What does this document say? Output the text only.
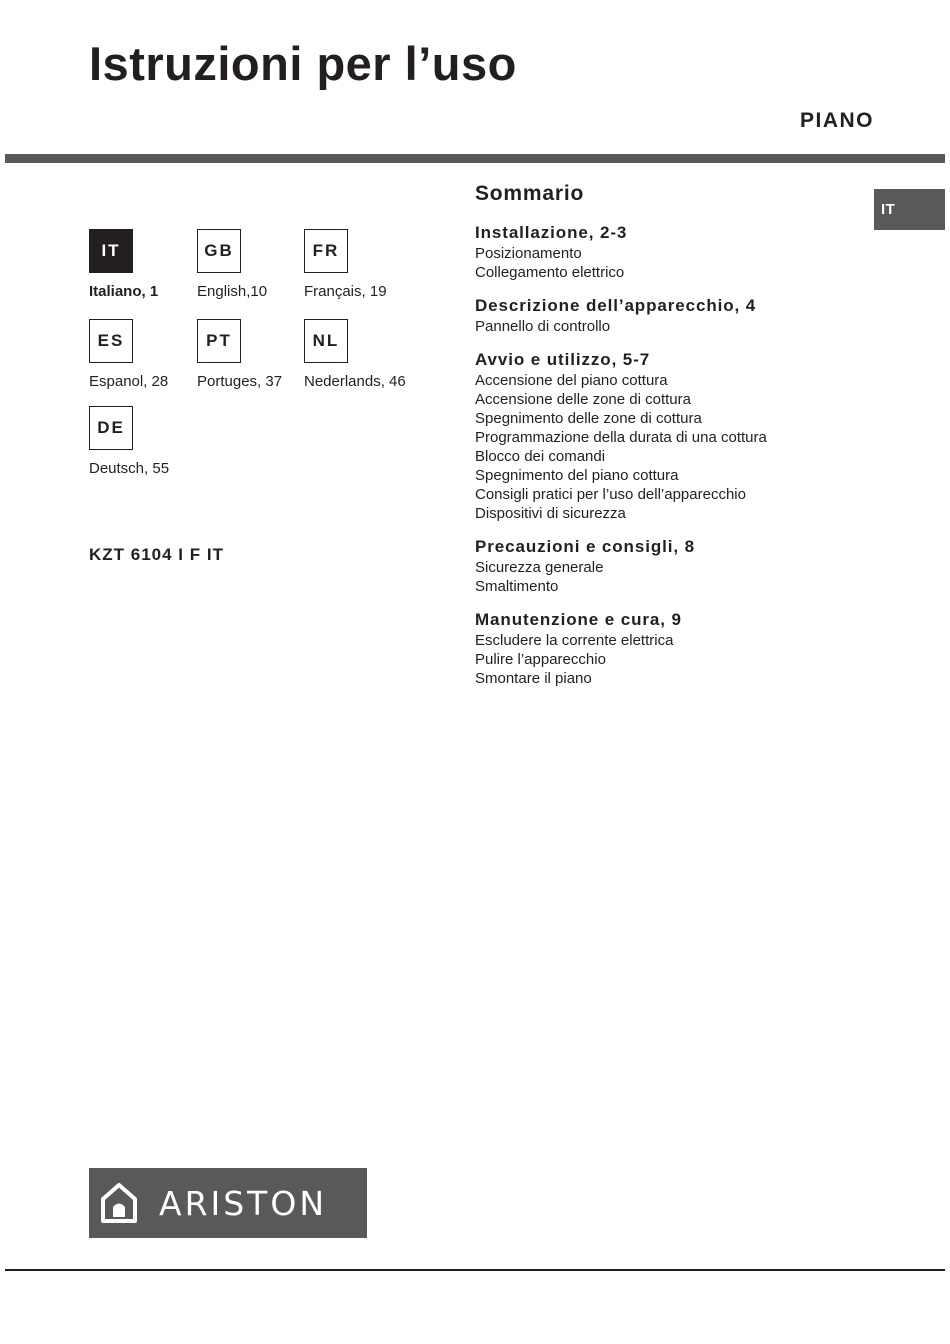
Istruzioni per l’uso
PIANO
IT
IT
Italiano, 1
GB
English,10
FR
Français, 19
ES
Espanol, 28
PT
Portuges, 37
NL
Nederlands, 46
DE
Deutsch, 55
KZT 6104 I F IT
Sommario
Installazione, 2-3
Posizionamento
Collegamento elettrico
Descrizione dell’apparecchio, 4
Pannello di controllo
Avvio e utilizzo, 5-7
Accensione del piano cottura
Accensione delle zone di cottura
Spegnimento delle zone di cottura
Programmazione della durata di una cottura
Blocco dei comandi
Spegnimento del piano cottura
Consigli pratici per l’uso dell’apparecchio
Dispositivi di sicurezza
Precauzioni e consigli, 8
Sicurezza generale
Smaltimento
Manutenzione e cura, 9
Escludere la corrente elettrica
Pulire l’apparecchio
Smontare il piano
ARISTON
